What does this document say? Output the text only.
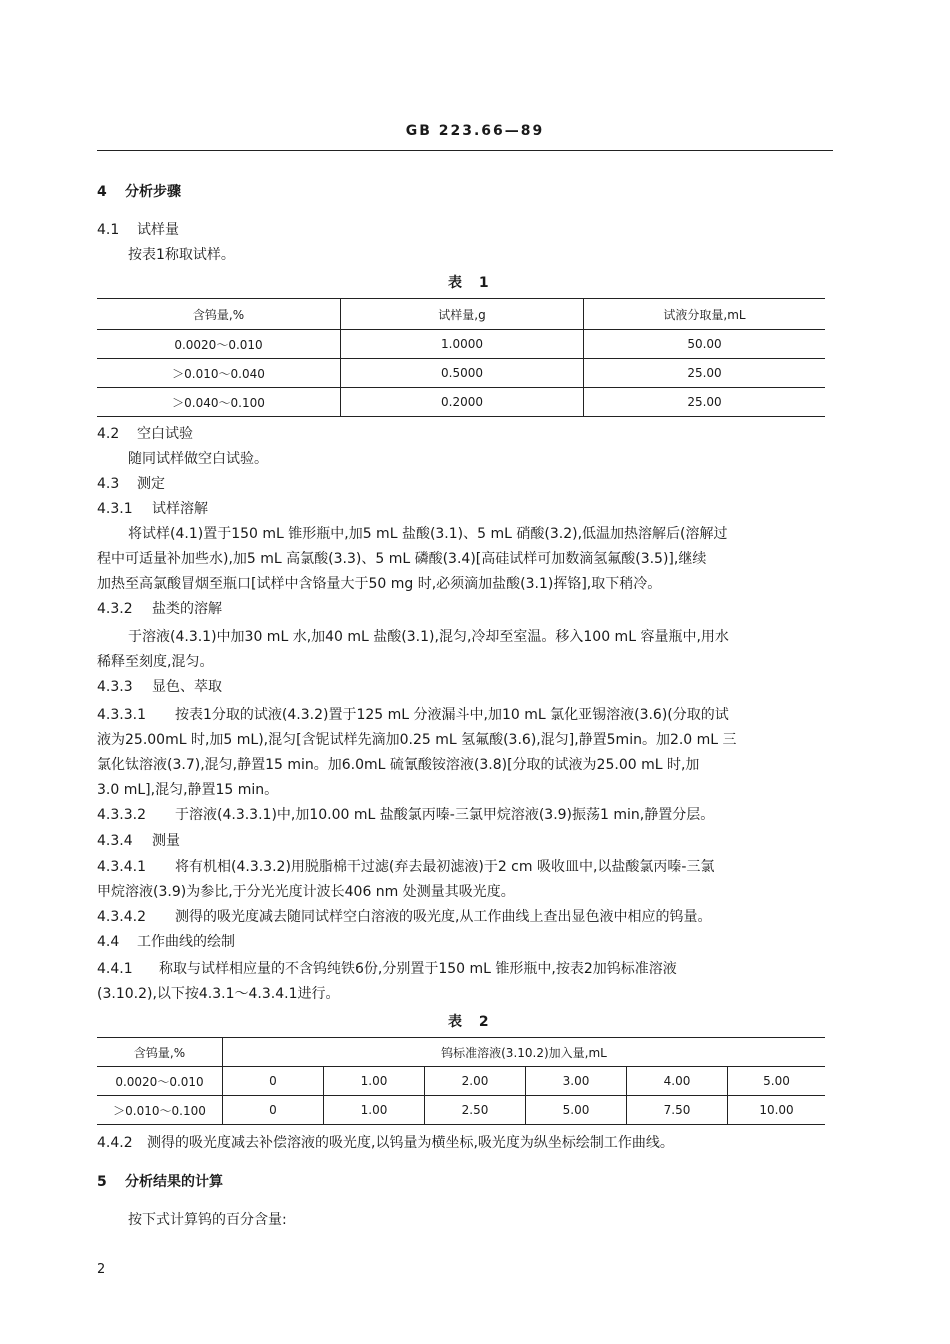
GB 223.66—89
4 分析步骤
4.1 试样量
按表1称取试样。
表 1
含钨量,%	试样量,g	试液分取量,mL
0.0020～0.010	1.0000	50.00
＞0.010～0.040	0.5000	25.00
＞0.040～0.100	0.2000	25.00
4.2 空白试验
随同试样做空白试验。
4.3 测定
4.3.1 试样溶解
将试样(4.1)置于150 mL 锥形瓶中,加5 mL 盐酸(3.1)、5 mL 硝酸(3.2),低温加热溶解后(溶解过
程中可适量补加些水),加5 mL 高氯酸(3.3)、5 mL 磷酸(3.4)[高硅试样可加数滴氢氟酸(3.5)],继续
加热至高氯酸冒烟至瓶口[试样中含铬量大于50 mg 时,必须滴加盐酸(3.1)挥铬],取下稍冷。
4.3.2 盐类的溶解
于溶液(4.3.1)中加30 mL 水,加40 mL 盐酸(3.1),混匀,冷却至室温。移入100 mL 容量瓶中,用水
稀释至刻度,混匀。
4.3.3 显色、萃取
4.3.3.1 按表1分取的试液(4.3.2)置于125 mL 分液漏斗中,加10 mL 氯化亚锡溶液(3.6)(分取的试
液为25.00mL 时,加5 mL),混匀[含铌试样先滴加0.25 mL 氢氟酸(3.6),混匀],静置5min。加2.0 mL 三
氯化钛溶液(3.7),混匀,静置15 min。加6.0mL 硫氰酸铵溶液(3.8)[分取的试液为25.00 mL 时,加
3.0 mL],混匀,静置15 min。
4.3.3.2 于溶液(4.3.3.1)中,加10.00 mL 盐酸氯丙嗪-三氯甲烷溶液(3.9)振荡1 min,静置分层。
4.3.4 测量
4.3.4.1 将有机相(4.3.3.2)用脱脂棉干过滤(弃去最初滤液)于2 cm 吸收皿中,以盐酸氯丙嗪-三氯
甲烷溶液(3.9)为参比,于分光光度计波长406 nm 处测量其吸光度。
4.3.4.2 测得的吸光度减去随同试样空白溶液的吸光度,从工作曲线上查出显色液中相应的钨量。
4.4 工作曲线的绘制
4.4.1 称取与试样相应量的不含钨纯铁6份,分别置于150 mL 锥形瓶中,按表2加钨标准溶液
(3.10.2),以下按4.3.1～4.3.4.1进行。
表 2
含钨量,%	钨标准溶液(3.10.2)加入量,mL					
0.0020～0.010	0	1.00	2.00	3.00	4.00	5.00
＞0.010～0.100	0	1.00	2.50	5.00	7.50	10.00
4.4.2 测得的吸光度减去补偿溶液的吸光度,以钨量为横坐标,吸光度为纵坐标绘制工作曲线。
5 分析结果的计算
按下式计算钨的百分含量:
2
